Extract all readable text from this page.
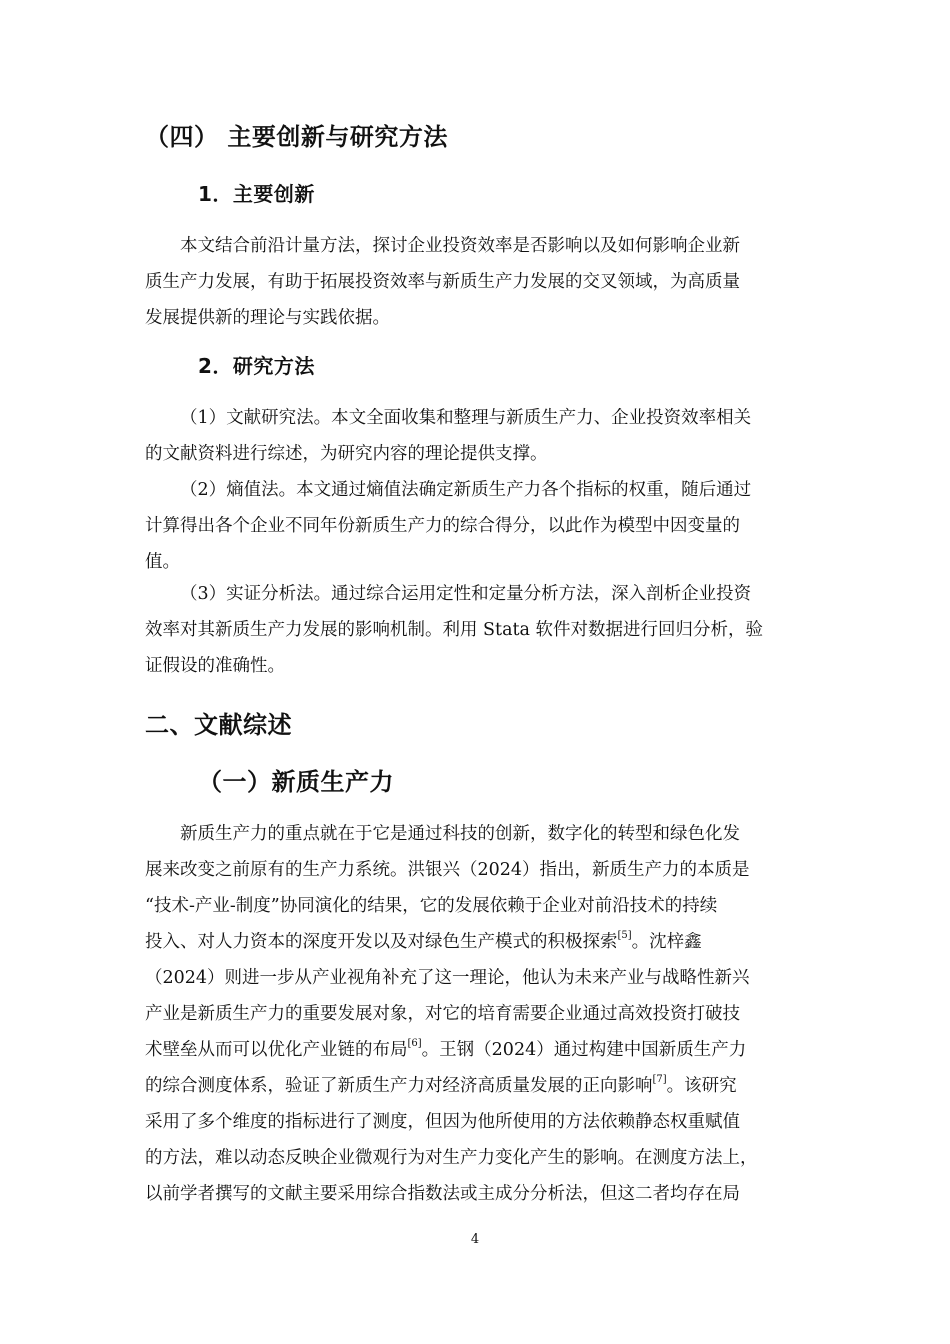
（四） 主要创新与研究方法
1．主要创新
本文结合前沿计量方法，探讨企业投资效率是否影响以及如何影响企业新
质生产力发展，有助于拓展投资效率与新质生产力发展的交叉领域，为高质量
发展提供新的理论与实践依据。
2．研究方法
（1）文献研究法。本文全面收集和整理与新质生产力、企业投资效率相关
的文献资料进行综述，为研究内容的理论提供支撑。
（2）熵值法。本文通过熵值法确定新质生产力各个指标的权重，随后通过
计算得出各个企业不同年份新质生产力的综合得分，以此作为模型中因变量的
值。
（3）实证分析法。通过综合运用定性和定量分析方法，深入剖析企业投资
效率对其新质生产力发展的影响机制。利用 Stata 软件对数据进行回归分析，验
证假设的准确性。
二、文献综述
（一）新质生产力
新质生产力的重点就在于它是通过科技的创新，数字化的转型和绿色化发
展来改变之前原有的生产力系统。洪银兴（2024）指出，新质生产力的本质是
“技术-产业-制度”协同演化的结果，它的发展依赖于企业对前沿技术的持续
投入、对人力资本的深度开发以及对绿色生产模式的积极探索[5]。沈梓鑫
（2024）则进一步从产业视角补充了这一理论，他认为未来产业与战略性新兴
产业是新质生产力的重要发展对象，对它的培育需要企业通过高效投资打破技
术壁垒从而可以优化产业链的布局[6]。王钢（2024）通过构建中国新质生产力
的综合测度体系，验证了新质生产力对经济高质量发展的正向影响[7]。该研究
采用了多个维度的指标进行了测度，但因为他所使用的方法依赖静态权重赋值
的方法，难以动态反映企业微观行为对生产力变化产生的影响。在测度方法上，
以前学者撰写的文献主要采用综合指数法或主成分分析法，但这二者均存在局
4
